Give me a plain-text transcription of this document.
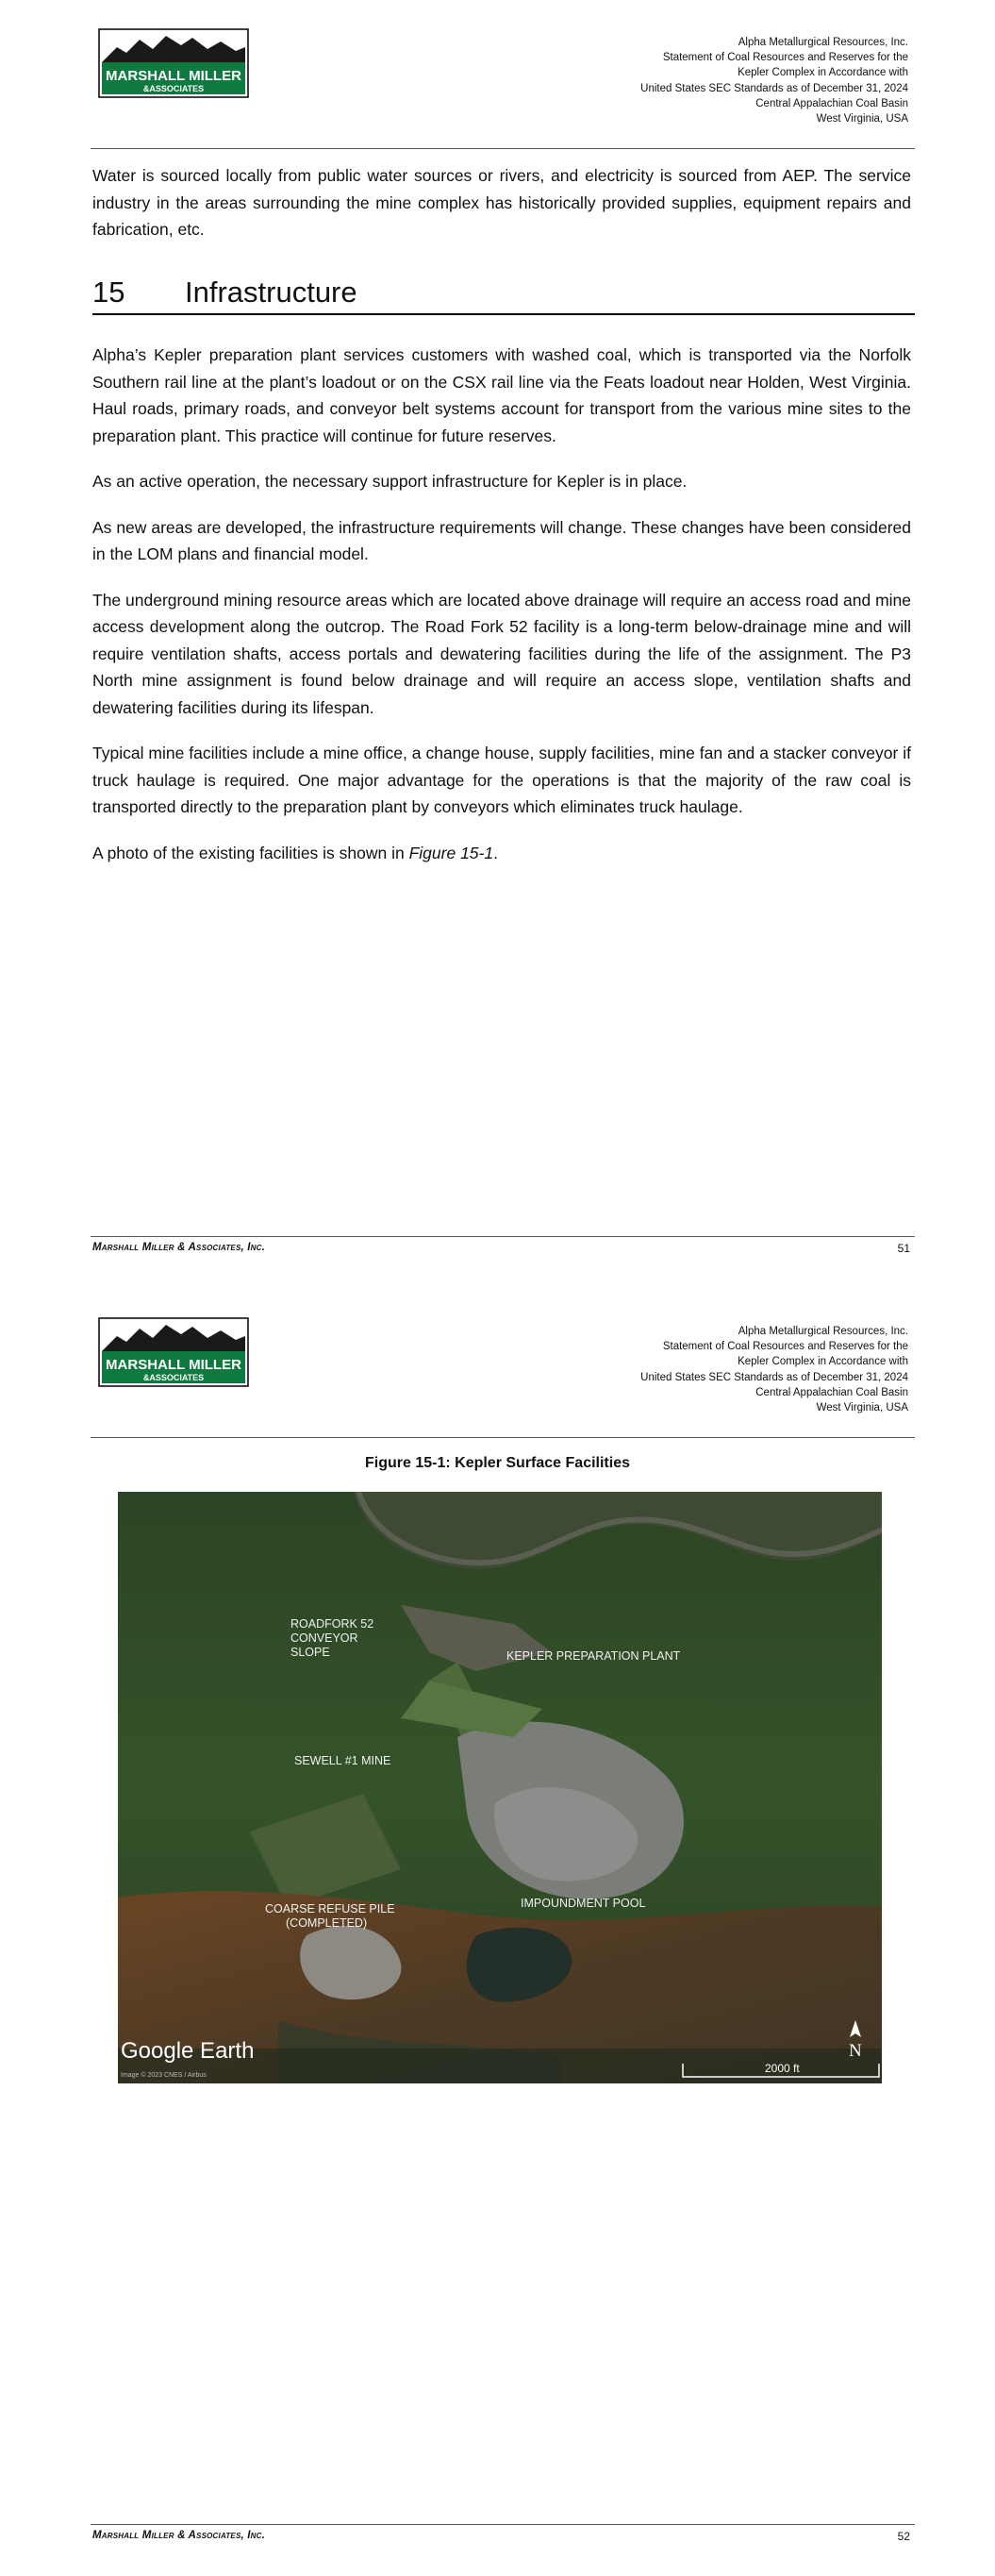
MARSHALL MILLER
&ASSOCIATES
Alpha Metallurgical Resources, Inc.
Statement of Coal Resources and Reserves for the
Kepler Complex in Accordance with
United States SEC Standards as of December 31, 2024
Central Appalachian Coal Basin
West Virginia, USA

Water is sourced locally from public water sources or rivers, and electricity is sourced from AEP. The service industry in the areas surrounding the mine complex has historically provided supplies, equipment repairs and fabrication, etc.

15 Infrastructure

Alpha’s Kepler preparation plant services customers with washed coal, which is transported via the Norfolk Southern rail line at the plant’s loadout or on the CSX rail line via the Feats loadout near Holden, West Virginia. Haul roads, primary roads, and conveyor belt systems account for transport from the various mine sites to the preparation plant. This practice will continue for future reserves.

As an active operation, the necessary support infrastructure for Kepler is in place.

As new areas are developed, the infrastructure requirements will change. These changes have been considered in the LOM plans and financial model.

The underground mining resource areas which are located above drainage will require an access road and mine access development along the outcrop. The Road Fork 52 facility is a long-term below-drainage mine and will require ventilation shafts, access portals and dewatering facilities during the life of the assignment. The P3 North mine assignment is found below drainage and will require an access slope, ventilation shafts and dewatering facilities during its lifespan.

Typical mine facilities include a mine office, a change house, supply facilities, mine fan and a stacker conveyor if truck haulage is required. One major advantage for the operations is that the majority of the raw coal is transported directly to the preparation plant by conveyors which eliminates truck haulage.

A photo of the existing facilities is shown in Figure 15-1.

Marshall Miller & Associates, Inc.	51
MARSHALL MILLER
&ASSOCIATES
Alpha Metallurgical Resources, Inc.
Statement of Coal Resources and Reserves for the
Kepler Complex in Accordance with
United States SEC Standards as of December 31, 2024
Central Appalachian Coal Basin
West Virginia, USA
Figure 15-1: Kepler Surface Facilities
Marshall Miller & Associates, Inc.	52
ROADFORK 52
CONVEYOR
SLOPE	KEPLER PREPARATION PLANT
SEWELL #1 MINE
COARSE REFUSE PILE
(COMPLETED)
IMPOUNDMENT POOL
Google Earth
Image © 2023 CNES / Airbus
N
2000 ft
